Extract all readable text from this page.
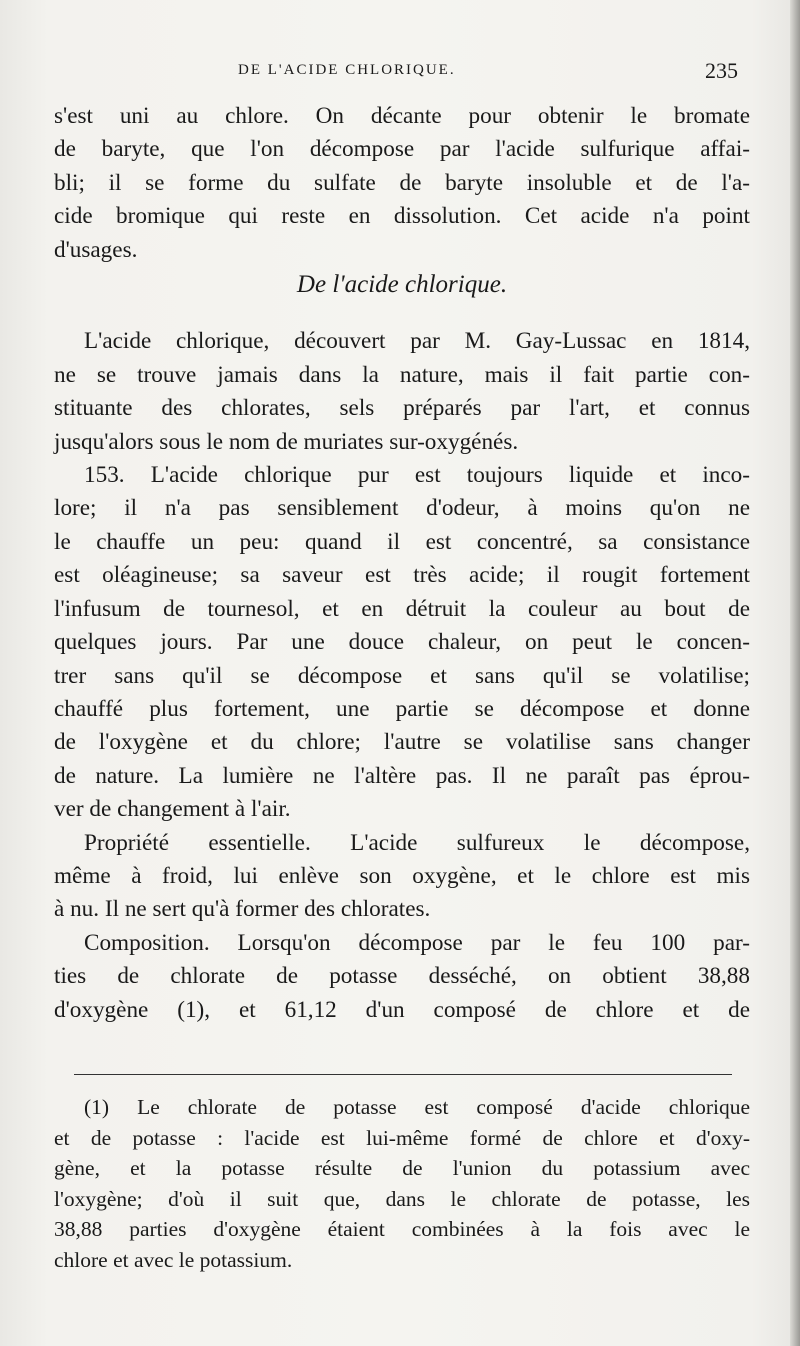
DE L'ACIDE CHLORIQUE.	235
s'est uni au chlore. On décante pour obtenir le bromate
de baryte, que l'on décompose par l'acide sulfurique affai-
bli; il se forme du sulfate de baryte insoluble et de l'a-
cide bromique qui reste en dissolution. Cet acide n'a point
d'usages.
De l'acide chlorique.
L'acide chlorique, découvert par M. Gay-Lussac en 1814,
ne se trouve jamais dans la nature, mais il fait partie con-
stituante des chlorates, sels préparés par l'art, et connus
jusqu'alors sous le nom de muriates sur-oxygénés.
153. L'acide chlorique pur est toujours liquide et inco-
lore; il n'a pas sensiblement d'odeur, à moins qu'on ne
le chauffe un peu: quand il est concentré, sa consistance
est oléagineuse; sa saveur est très acide; il rougit fortement
l'infusum de tournesol, et en détruit la couleur au bout de
quelques jours. Par une douce chaleur, on peut le concen-
trer sans qu'il se décompose et sans qu'il se volatilise;
chauffé plus fortement, une partie se décompose et donne
de l'oxygène et du chlore; l'autre se volatilise sans changer
de nature. La lumière ne l'altère pas. Il ne paraît pas éprou-
ver de changement à l'air.
Propriété essentielle. L'acide sulfureux le décompose,
même à froid, lui enlève son oxygène, et le chlore est mis
à nu. Il ne sert qu'à former des chlorates.
Composition. Lorsqu'on décompose par le feu 100 par-
ties de chlorate de potasse desséché, on obtient 38,88
d'oxygène (1), et 61,12 d'un composé de chlore et de
(1) Le chlorate de potasse est composé d'acide chlorique
et de potasse : l'acide est lui-même formé de chlore et d'oxy-
gène, et la potasse résulte de l'union du potassium avec
l'oxygène; d'où il suit que, dans le chlorate de potasse, les
38,88 parties d'oxygène étaient combinées à la fois avec le
chlore et avec le potassium.
